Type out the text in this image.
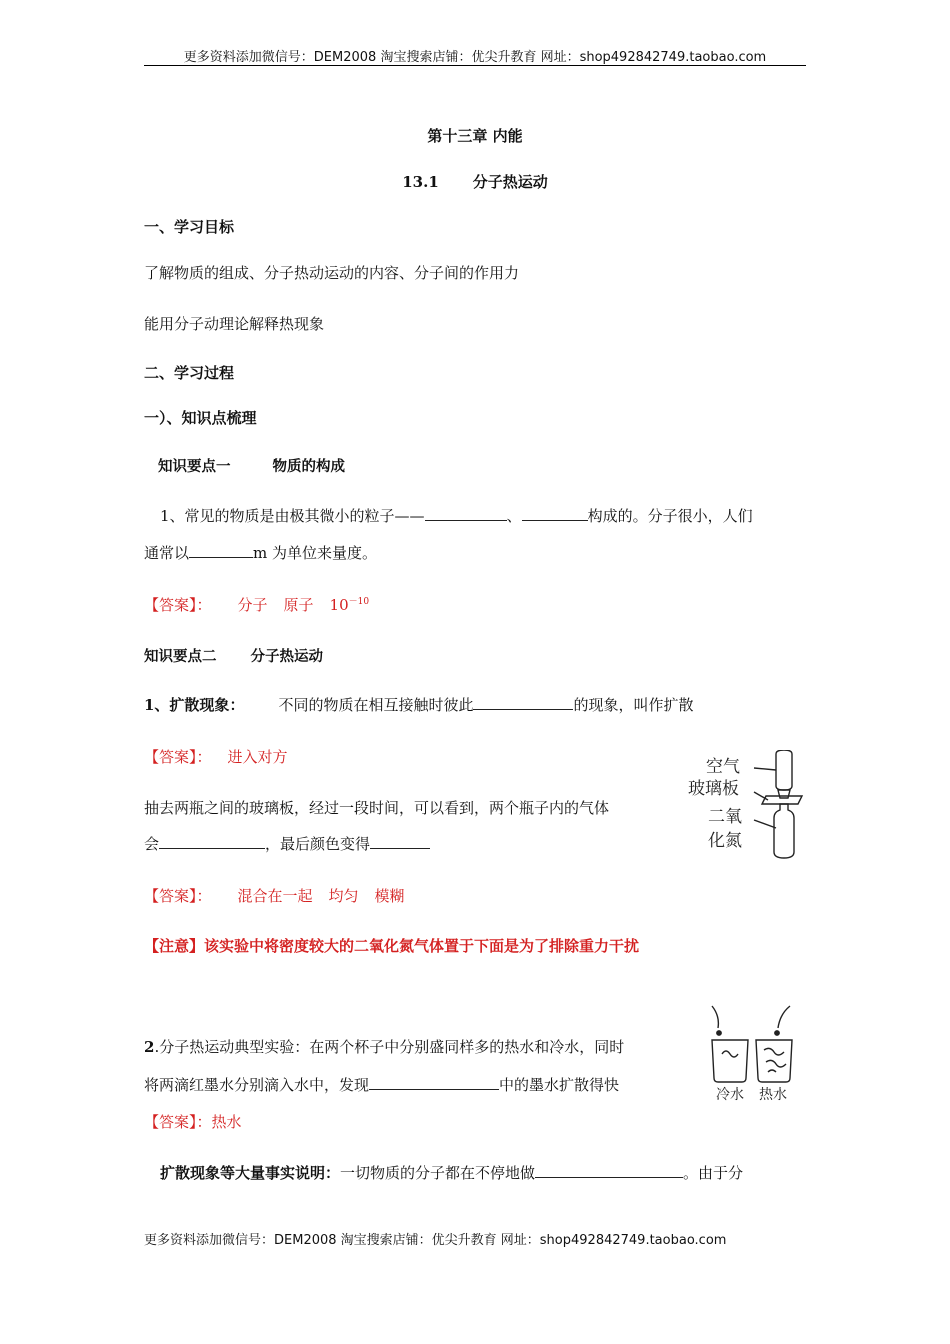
更多资料添加微信号：DEM2008 淘宝搜索店铺：优尖升教育 网址：shop492842749.taobao.com
第十三章 内能
13.1 分子热运动
一、学习目标
了解物质的组成、分子热动运动的内容、分子间的作用力
能用分子动理论解释热现象
二、学习过程
一）、知识点梳理
知识要点一	物质的构成
1、常见的物质是由极其微小的粒子——	、	构成的。分子很小，人们
通常以	m 为单位来量度。
【答案】： 分子 原子 $10^{-10}$
知识要点二 分子热运动
1、扩散现象： 不同的物质在相互接触时彼此	的现象，叫作扩散
【答案】： 进入对方
抽去两瓶之间的玻璃板，经过一段时间，可以看到，两个瓶子内的气体
会	，最后颜色变得
空气
玻璃板
二氧
化氮
【答案】： 混合在一起 均匀 模糊
【注意】该实验中将密度较大的二氧化氮气体置于下面是为了排除重力干扰
2.分子热运动典型实验：在两个杯子中分别盛同样多的热水和冷水，同时
将两滴红墨水分别滴入水中，发现	中的墨水扩散得快
冷水 热水
【答案】：热水
扩散现象等大量事实说明：一切物质的分子都在不停地做	。由于分
更多资料添加微信号：DEM2008 淘宝搜索店铺：优尖升教育 网址：shop492842749.taobao.com
